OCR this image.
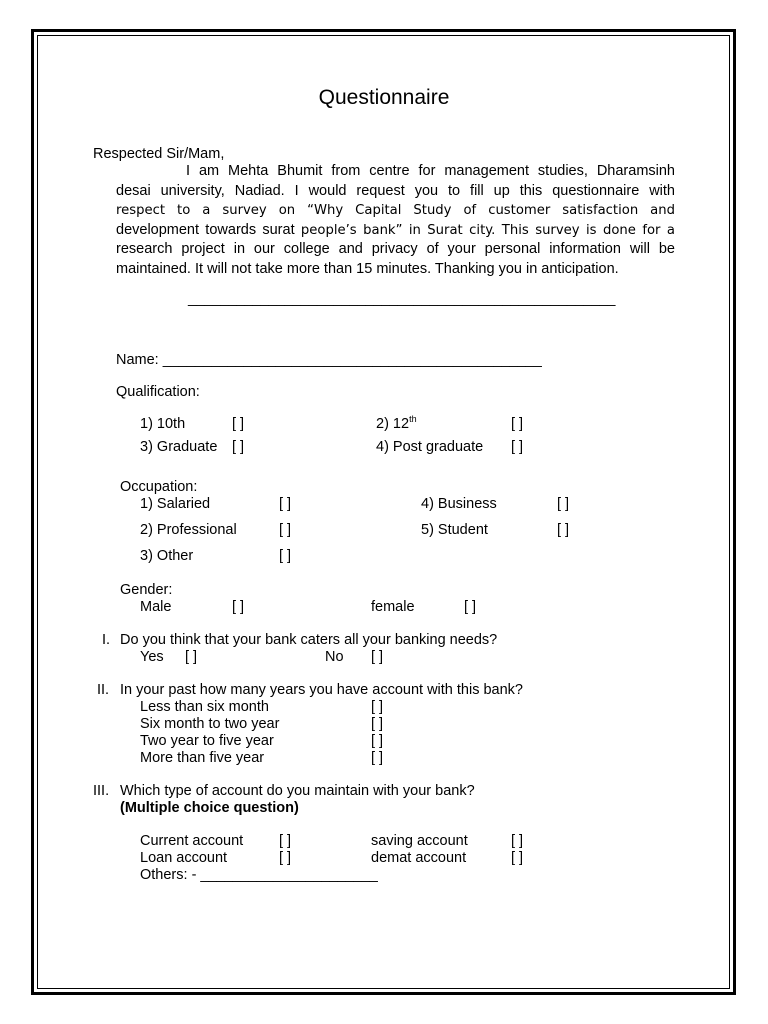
Questionnaire
Respected Sir/Mam,
I am Mehta Bhumit from centre for management studies, Dharamsinh
desai university, Nadiad. I would request you to fill up this questionnaire with
respect to a survey on “Why Capital Study of customer satisfaction and
development towards surat people’s bank” in Surat city. This survey is done for a
research project in our college and privacy of your personal information will be
maintained. It will not take more than 15 minutes. Thanking you in anticipation.
_____________________________________________________
Name: _______________________________________________
Qualification:
1) 10th	[ ]	2) 12th	[ ]
3) Graduate [ ]	4) Post graduate [ ]
Occupation:
1) Salaried	[ ]	4) Business	[ ]
2) Professional	[ ]	5) Student	[ ]
3) Other	[ ]
Gender:
Male	[ ]	female	[ ]
I. Do you think that your bank caters all your banking needs?
Yes [ ]	No [ ]
II. In your past how many years you have account with this bank?
Less than six month	[ ]
Six month to two year	[ ]
Two year to five year	[ ]
More than five year	[ ]
III. Which type of account do you maintain with your bank?
(Multiple choice question)
Current account [ ]	saving account	[ ]
Loan account	[ ]	demat account	[ ]
Others: - ______________________
